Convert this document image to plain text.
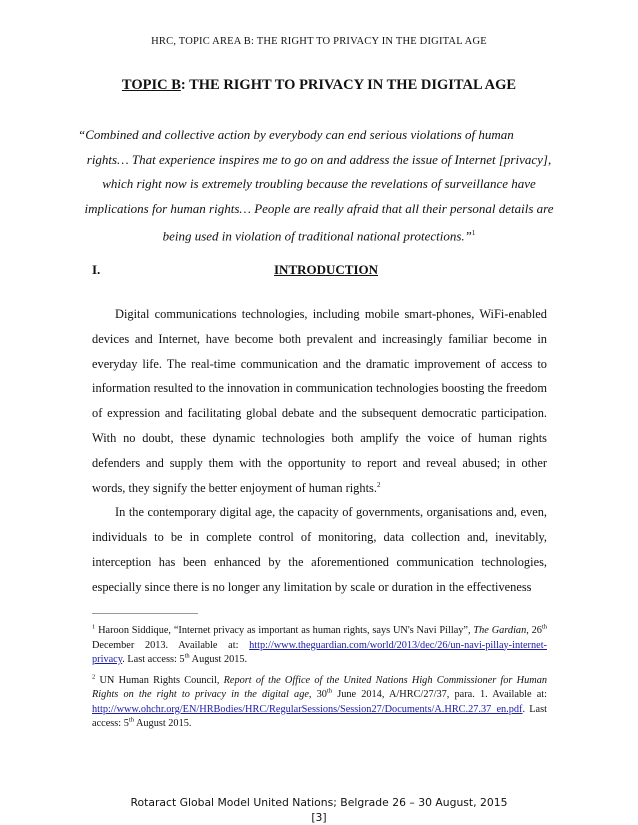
HRC, TOPIC AREA B: THE RIGHT TO PRIVACY IN THE DIGITAL AGE
TOPIC B: THE RIGHT TO PRIVACY IN THE DIGITAL AGE
“Combined and collective action by everybody can end serious violations of human
rights… That experience inspires me to go on and address the issue of Internet [privacy], which right now is extremely troubling because the revelations of surveillance have implications for human rights… People are really afraid that all their personal details are being used in violation of traditional national protections.”$^1$
I.	INTRODUCTION

Digital communications technologies, including mobile smart-phones, WiFi-enabled devices and Internet, have become both prevalent and increasingly familiar become in everyday life. The real-time communication and the dramatic improvement of access to information resulted to the innovation in communication technologies boosting the freedom of expression and facilitating global debate and the subsequent democratic participation. With no doubt, these dynamic technologies both amplify the voice of human rights defenders and supply them with the opportunity to report and reveal abused; in other words, they signify the better enjoyment of human rights.$^2$

In the contemporary digital age, the capacity of governments, organisations and, even, individuals to be in complete control of monitoring, data collection and, inevitably, interception has been enhanced by the aforementioned communication technologies, especially since there is no longer any limitation by scale or duration in the effectiveness

$^1$ Haroon Siddique, “Internet privacy as important as human rights, says UN's Navi Pillay”, The Gardian, 26th December 2013. Available at: http://www.theguardian.com/world/2013/dec/26/un-navi-pillay-internet-privacy. Last access: 5th August 2015.
$^2$ UN Human Rights Council, Report of the Office of the United Nations High Commissioner for Human Rights on the right to privacy in the digital age, 30th June 2014, A/HRC/27/37, para. 1. Available at: http://www.ohchr.org/EN/HRBodies/HRC/RegularSessions/Session27/Documents/A.HRC.27.37_en.pdf. Last access: 5th August 2015.
Rotaract Global Model United Nations; Belgrade 26 – 30 August, 2015
[3]
